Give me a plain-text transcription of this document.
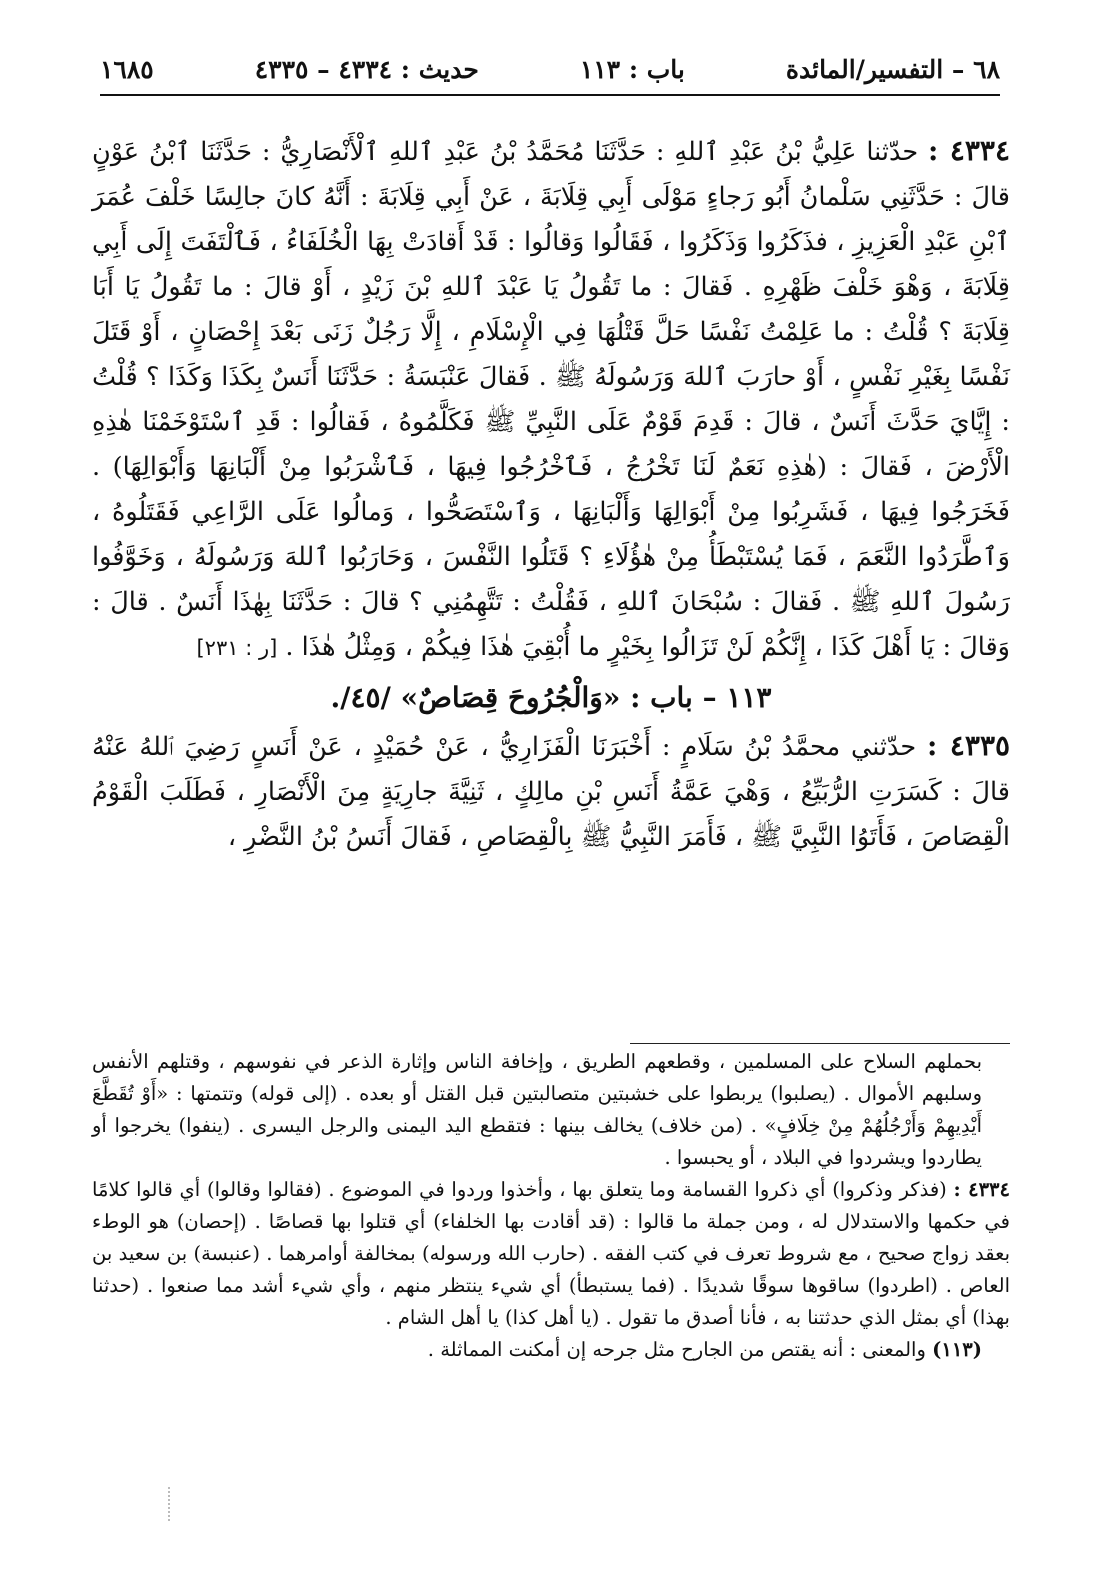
٦٨ – التفسير/المائدة
باب : ١١٣
حديث : ٤٣٣٤ – ٤٣٣٥
١٦٨٥

٤٣٣٤ : حدّثنا عَلِيُّ بْنُ عَبْدِ ٱللهِ : حَدَّثَنَا مُحَمَّدُ بْنُ عَبْدِ ٱللهِ ٱلْأَنْصَارِيُّ : حَدَّثَنَا ٱبْنُ عَوْنٍ قالَ : حَدَّثَنِي سَلْمانُ أَبُو رَجاءٍ مَوْلَى أَبِي قِلَابَةَ ، عَنْ أَبِي قِلَابَةَ : أَنَّهُ كانَ جالِسًا خَلْفَ عُمَرَ ٱبْنِ عَبْدِ الْعَزِيزِ ، فذَكَرُوا وَذَكَرُوا ، فَقَالُوا وَقالُوا : قَدْ أَقادَتْ بِهَا الْخُلَفَاءُ ، فَٱلْتَفَتَ إِلَى أَبِي قِلَابَةَ ، وَهْوَ خَلْفَ ظَهْرِهِ . فَقالَ : ما تَقُولُ يَا عَبْدَ ٱللهِ بْنَ زَيْدٍ ، أَوْ قالَ : ما تَقُولُ يَا أَبَا قِلَابَةَ ؟ قُلْتُ : ما عَلِمْتُ نَفْسًا حَلَّ قَتْلُهَا فِي الْإِسْلَامِ ، إِلَّا رَجُلٌ زَنَى بَعْدَ إِحْصَانٍ ، أَوْ قَتَلَ نَفْسًا بِغَيْرِ نَفْسٍ ، أَوْ حارَبَ ٱللهَ وَرَسُولَهُ ﷺ . فَقالَ عَنْبَسَةُ : حَدَّثَنَا أَنَسٌ بِكَذَا وَكَذَا ؟ قُلْتُ : إِيَّايَ حَدَّثَ أَنَسٌ ، قالَ : قَدِمَ قَوْمٌ عَلَى النَّبِيِّ ﷺ فَكَلَّمُوهُ ، فَقالُوا : قَدِ ٱسْتَوْخَمْنَا هٰذِهِ الْأَرْضَ ، فَقالَ : (هٰذِهِ نَعَمٌ لَنَا تَخْرُجُ ، فَٱخْرُجُوا فِيهَا ، فَٱشْرَبُوا مِنْ أَلْبَانِهَا وَأَبْوَالِهَا) . فَخَرَجُوا فِيهَا ، فَشَرِبُوا مِنْ أَبْوَالِهَا وَأَلْبَانِهَا ، وَٱسْتَصَحُّوا ، وَمالُوا عَلَى الرَّاعِي فَقَتَلُوهُ ، وَٱطَّرَدُوا النَّعَمَ ، فَمَا يُسْتَبْطَأُ مِنْ هٰؤُلَاءِ ؟ قَتَلُوا النَّفْسَ ، وَحَارَبُوا ٱللهَ وَرَسُولَهُ ، وَخَوَّفُوا رَسُولَ ٱللهِ ﷺ . فَقالَ : سُبْحَانَ ٱللهِ ، فَقُلْتُ : تَتَّهِمُنِي ؟ قالَ : حَدَّثَنَا بِهٰذَا أَنَسٌ . قالَ : وَقالَ : يَا أَهْلَ كَذَا ، إِنَّكُمْ لَنْ تَزَالُوا بِخَيْرٍ ما أُبْقِيَ هٰذَا فِيكُمْ ، وَمِثْلُ هٰذَا . [ر : ٢٣١]

١١٣ – باب : «وَالْجُرُوحَ قِصَاصٌ» /٤٥/.

٤٣٣٥ : حدّثني محمَّدُ بْنُ سَلَامٍ : أَخْبَرَنَا الْفَزَارِيُّ ، عَنْ حُمَيْدٍ ، عَنْ أَنَسٍ رَضِيَ ٱللهُ عَنْهُ قالَ : كَسَرَتِ الرُّبَيِّعُ ، وَهْيَ عَمَّةُ أَنَسِ بْنِ مالِكٍ ، ثَنِيَّةَ جارِيَةٍ مِنَ الْأَنْصَارِ ، فَطَلَبَ الْقَوْمُ الْقِصَاصَ ، فَأَتَوُا النَّبِيَّ ﷺ ، فَأَمَرَ النَّبِيُّ ﷺ بِالْقِصَاصِ ، فَقالَ أَنَسُ بْنُ النَّضْرِ ،

بحملهم السلاح على المسلمين ، وقطعهم الطريق ، وإخافة الناس وإثارة الذعر في نفوسهم ، وقتلهم الأنفس وسلبهم الأموال . (يصلبوا) يربطوا على خشبتين متصالبتين قبل القتل أو بعده . (إلى قوله) وتتمتها : «أَوْ تُقَطَّعَ أَيْدِيهِمْ وَأَرْجُلُهُمْ مِنْ خِلَافٍ» . (من خلاف) يخالف بينها : فتقطع اليد اليمنى والرجل اليسرى . (ينفوا) يخرجوا أو يطاردوا ويشردوا في البلاد ، أو يحبسوا .

٤٣٣٤ : (فذكر وذكروا) أي ذكروا القسامة وما يتعلق بها ، وأخذوا وردوا في الموضوع . (فقالوا وقالوا) أي قالوا كلامًا في حكمها والاستدلال له ، ومن جملة ما قالوا : (قد أقادت بها الخلفاء) أي قتلوا بها قصاصًا . (إحصان) هو الوطء بعقد زواج صحيح ، مع شروط تعرف في كتب الفقه . (حارب الله ورسوله) بمخالفة أوامرهما . (عنبسة) بن سعيد بن العاص . (اطردوا) ساقوها سوقًا شديدًا . (فما يستبطأ) أي شيء ينتظر منهم ، وأي شيء أشد مما صنعوا . (حدثنا بهذا) أي بمثل الذي حدثتنا به ، فأنا أصدق ما تقول . (يا أهل كذا) يا أهل الشام .

(١١٣) والمعنى : أنه يقتص من الجارح مثل جرحه إن أمكنت المماثلة .
